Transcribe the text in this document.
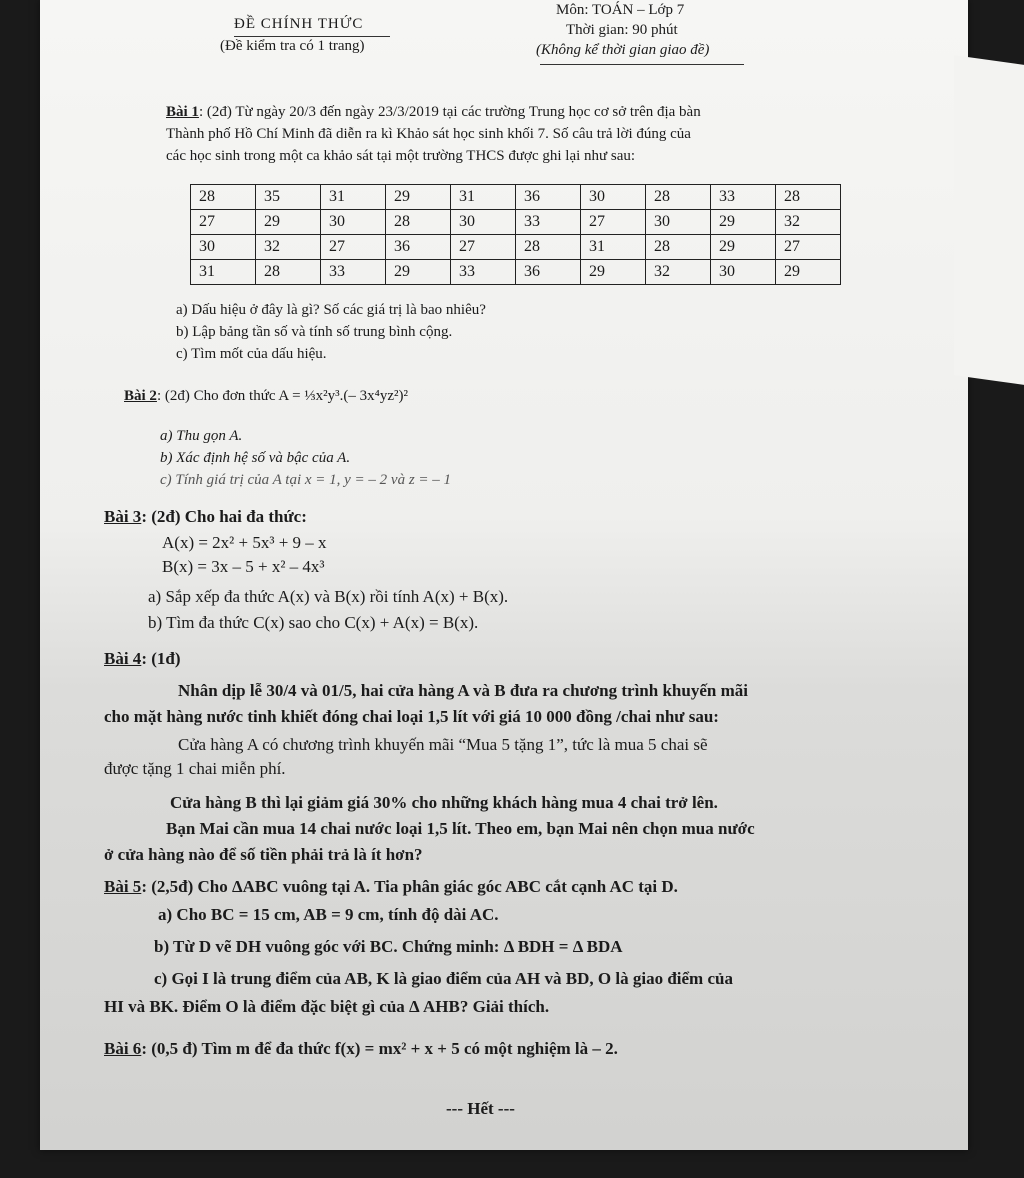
ĐỀ CHÍNH THỨC
(Đề kiểm tra có 1 trang)
Môn: TOÁN – Lớp 7
Thời gian: 90 phút
(Không kể thời gian giao đề)
Bài 1: (2đ) Từ ngày 20/3 đến ngày 23/3/2019 tại các trường Trung học cơ sở trên địa bàn
Thành phố Hồ Chí Minh đã diễn ra kì Khảo sát học sinh khối 7. Số câu trả lời đúng của
các học sinh trong một ca khảo sát tại một trường THCS được ghi lại như sau:
28	35	31	29	31	36	30	28	33	28
27	29	30	28	30	33	27	30	29	32
30	32	27	36	27	28	31	28	29	27
31	28	33	29	33	36	29	32	30	29
a) Dấu hiệu ở đây là gì? Số các giá trị là bao nhiêu?
b) Lập bảng tần số và tính số trung bình cộng.
c) Tìm mốt của dấu hiệu.
Bài 2: (2đ) Cho đơn thức A = ⅓x²y³.(– 3x⁴yz²)²
a) Thu gọn A.
b) Xác định hệ số và bậc của A.
c) Tính giá trị của A tại x = 1, y = – 2 và z = – 1
Bài 3: (2đ) Cho hai đa thức:
A(x) = 2x² + 5x³ + 9 – x
B(x) = 3x – 5 + x² – 4x³
a) Sắp xếp đa thức A(x) và B(x) rồi tính A(x) + B(x).
b) Tìm đa thức C(x) sao cho C(x) + A(x) = B(x).
Bài 4: (1đ)
Nhân dịp lễ 30/4 và 01/5, hai cửa hàng A và B đưa ra chương trình khuyến mãi
cho mặt hàng nước tinh khiết đóng chai loại 1,5 lít với giá 10 000 đồng /chai như sau:
Cửa hàng A có chương trình khuyến mãi “Mua 5 tặng 1”, tức là mua 5 chai sẽ
được tặng 1 chai miễn phí.
Cửa hàng B thì lại giảm giá 30% cho những khách hàng mua 4 chai trở lên.
Bạn Mai cần mua 14 chai nước loại 1,5 lít. Theo em, bạn Mai nên chọn mua nước
ở cửa hàng nào để số tiền phải trả là ít hơn?
Bài 5: (2,5đ) Cho ΔABC vuông tại A. Tia phân giác góc ABC cắt cạnh AC tại D.
a) Cho BC = 15 cm, AB = 9 cm, tính độ dài AC.
b) Từ D vẽ DH vuông góc với BC. Chứng minh: Δ BDH = Δ BDA
c) Gọi I là trung điểm của AB, K là giao điểm của AH và BD, O là giao điểm của
HI và BK. Điểm O là điểm đặc biệt gì của Δ AHB? Giải thích.
Bài 6: (0,5 đ) Tìm m để đa thức f(x) = mx² + x + 5 có một nghiệm là – 2.
--- Hết ---
